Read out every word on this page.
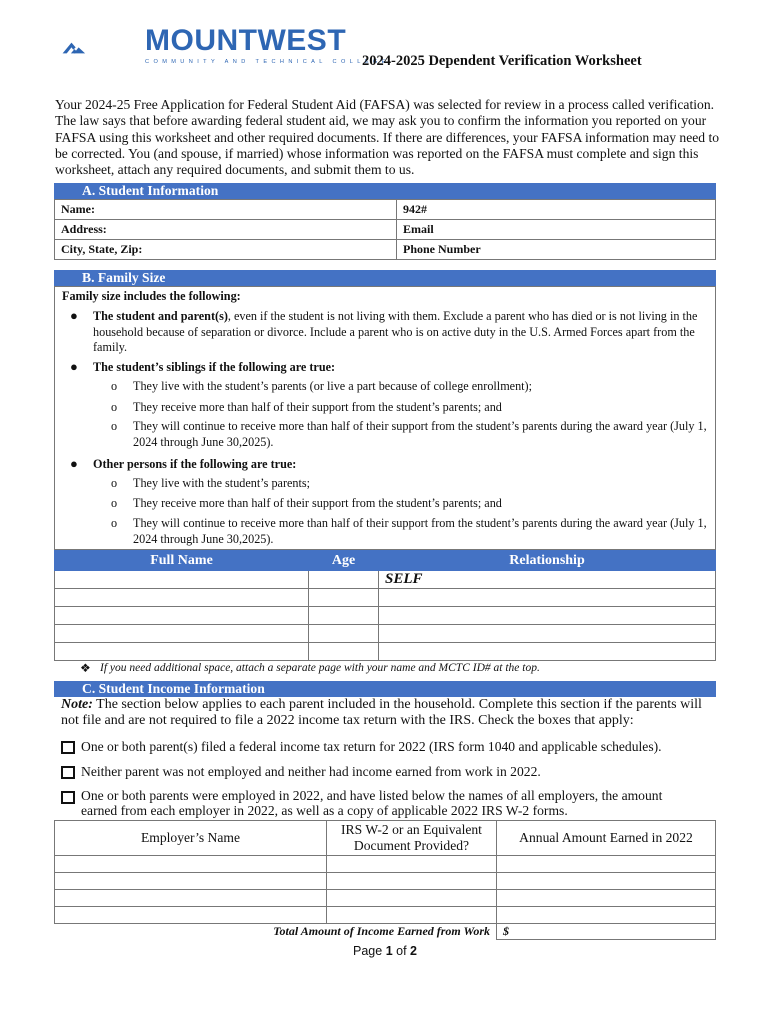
MOUNTWEST
COMMUNITY AND TECHNICAL COLLEGE
2024-2025 Dependent Verification Worksheet
Your 2024-25 Free Application for Federal Student Aid (FAFSA) was selected for review in a process called verification. The law says that before awarding federal student aid, we may ask you to confirm the information you reported on your FAFSA using this worksheet and other required documents. If there are differences, your FAFSA information may need to be corrected. You (and spouse, if married) whose information was reported on the FAFSA must complete and sign this worksheet, attach any required documents, and submit them to us.
A. Student Information
Name:	942#
Address:	Email
City, State, Zip:	Phone Number
B. Family Size
Family size includes the following:
● The student and parent(s), even if the student is not living with them. Exclude a parent who has died or is not living in the household because of separation or divorce. Include a parent who is on active duty in the U.S. Armed Forces apart from the family.
● The student’s siblings if the following are true:
o They live with the student’s parents (or live a part because of college enrollment);
o They receive more than half of their support from the student’s parents; and
o They will continue to receive more than half of their support from the student’s parents during the award year (July 1, 2024 through June 30,2025).
● Other persons if the following are true:
o They live with the student’s parents;
o They receive more than half of their support from the student’s parents; and
o They will continue to receive more than half of their support from the student’s parents during the award year (July 1, 2024 through June 30,2025).
Full Name	Age	Relationship
		SELF

❖ If you need additional space, attach a separate page with your name and MCTC ID# at the top.
C. Student Income Information
Note: The section below applies to each parent included in the household. Complete this section if the parents will not file and are not required to file a 2022 income tax return with the IRS. Check the boxes that apply:
One or both parent(s) filed a federal income tax return for 2022 (IRS form 1040 and applicable schedules).
Neither parent was not employed and neither had income earned from work in 2022.
One or both parents were employed in 2022, and have listed below the names of all employers, the amount earned from each employer in 2022, as well as a copy of applicable 2022 IRS W-2 forms.
Employer’s Name	IRS W-2 or an Equivalent Document Provided?	Annual Amount Earned in 2022

Total Amount of Income Earned from Work		$
Page 1 of 2
